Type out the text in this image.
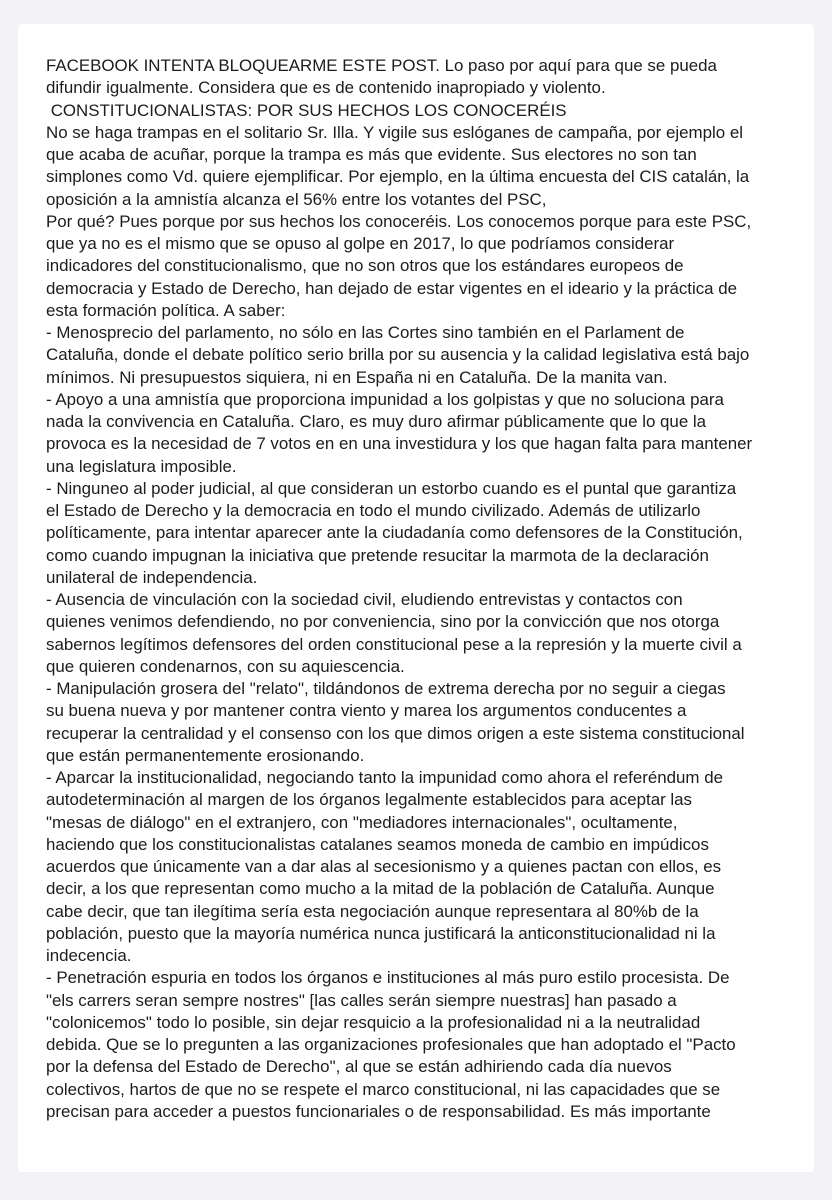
FACEBOOK INTENTA BLOQUEARME ESTE POST. Lo paso por aquí para que se pueda
difundir igualmente. Considera que es de contenido inapropiado y violento.
CONSTITUCIONALISTAS: POR SUS HECHOS LOS CONOCERÉIS
No se haga trampas en el solitario Sr. Illa. Y vigile sus eslóganes de campaña, por ejemplo el
que acaba de acuñar, porque la trampa es más que evidente. Sus electores no son tan
simplones como Vd. quiere ejemplificar. Por ejemplo, en la última encuesta del CIS catalán, la
oposición a la amnistía alcanza el 56% entre los votantes del PSC,
Por qué? Pues porque por sus hechos los conoceréis. Los conocemos porque para este PSC,
que ya no es el mismo que se opuso al golpe en 2017, lo que podríamos considerar
indicadores del constitucionalismo, que no son otros que los estándares europeos de
democracia y Estado de Derecho, han dejado de estar vigentes en el ideario y la práctica de
esta formación política. A saber:
- Menosprecio del parlamento, no sólo en las Cortes sino también en el Parlament de
Cataluña, donde el debate político serio brilla por su ausencia y la calidad legislativa está bajo
mínimos. Ni presupuestos siquiera, ni en España ni en Cataluña. De la manita van.
- Apoyo a una amnistía que proporciona impunidad a los golpistas y que no soluciona para
nada la convivencia en Cataluña. Claro, es muy duro afirmar públicamente que lo que la
provoca es la necesidad de 7 votos en en una investidura y los que hagan falta para mantener
una legislatura imposible.
- Ninguneo al poder judicial, al que consideran un estorbo cuando es el puntal que garantiza
el Estado de Derecho y la democracia en todo el mundo civilizado. Además de utilizarlo
políticamente, para intentar aparecer ante la ciudadanía como defensores de la Constitución,
como cuando impugnan la iniciativa que pretende resucitar la marmota de la declaración
unilateral de independencia.
- Ausencia de vinculación con la sociedad civil, eludiendo entrevistas y contactos con
quienes venimos defendiendo, no por conveniencia, sino por la convicción que nos otorga
sabernos legítimos defensores del orden constitucional pese a la represión y la muerte civil a
que quieren condenarnos, con su aquiescencia.
- Manipulación grosera del "relato", tildándonos de extrema derecha por no seguir a ciegas
su buena nueva y por mantener contra viento y marea los argumentos conducentes a
recuperar la centralidad y el consenso con los que dimos origen a este sistema constitucional
que están permanentemente erosionando.
- Aparcar la institucionalidad, negociando tanto la impunidad como ahora el referéndum de
autodeterminación al margen de los órganos legalmente establecidos para aceptar las
"mesas de diálogo" en el extranjero, con "mediadores internacionales", ocultamente,
haciendo que los constitucionalistas catalanes seamos moneda de cambio en impúdicos
acuerdos que únicamente van a dar alas al secesionismo y a quienes pactan con ellos, es
decir, a los que representan como mucho a la mitad de la población de Cataluña. Aunque
cabe decir, que tan ilegítima sería esta negociación aunque representara al 80%b de la
población, puesto que la mayoría numérica nunca justificará la anticonstitucionalidad ni la
indecencia.
- Penetración espuria en todos los órganos e instituciones al más puro estilo procesista. De
"els carrers seran sempre nostres" [las calles serán siempre nuestras] han pasado a
"colonicemos" todo lo posible, sin dejar resquicio a la profesionalidad ni a la neutralidad
debida. Que se lo pregunten a las organizaciones profesionales que han adoptado el "Pacto
por la defensa del Estado de Derecho", al que se están adhiriendo cada día nuevos
colectivos, hartos de que no se respete el marco constitucional, ni las capacidades que se
precisan para acceder a puestos funcionariales o de responsabilidad. Es más importante
